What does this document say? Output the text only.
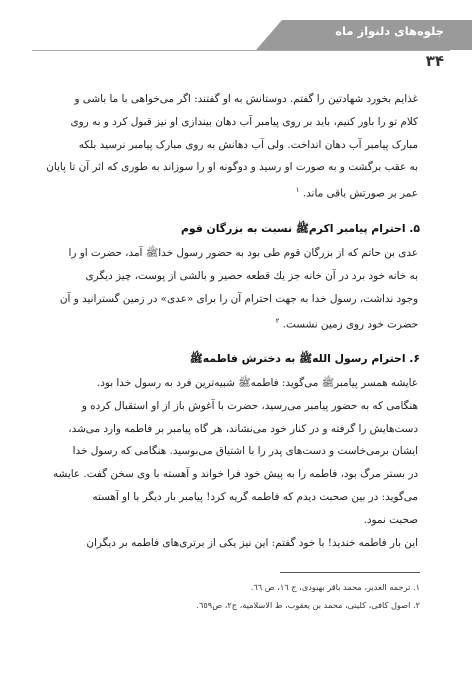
جلوه‌های دلنواز ماه
٣۴

غذایم بخورد شهادتین را گفتم. دوستانش به او گفتند: اگر می‌خواهی با ما باشی و

کلام تو را باور کنیم، باید بر روی پیامبر آب دهان بیندازی او نیز قبول کرد و به روی

مبارک پیامبر آب دهان انداخت. ولی آب دهانش به روی مبارک پیامبر نرسید بلکه

به عقب برگشت و به صورت او رسید و دوگونه او را سوزاند به طوری که اثر آن تا پایان

عمر بر صورتش باقی ماند. $^١$

۵. احترام پیامبر اکرمﷺ نسبت به بزرگان قوم

عدی بن حاتم که از بزرگان قوم طی بود به حضور رسول خداﷺ آمد، حضرت او را

به خانه خود برد در آن خانه جز یك قطعه حصیر و بالشی از پوست، چیز دیگری

وجود نداشت، رسول خدا به جهت احترام آن را برای «عدی» در زمین گسترانید و آن

حضرت خود روی زمین نشست. $^٢$

۶. احترام رسول اللهﷺ به دخترش فاطمهﷺ

عایشه همسر پیامبرﷺ می‌گوید: فاطمهﷺ شبیه‌ترین فرد به رسول خدا بود.

هنگامی که به حضور پیامبر می‌رسید، حضرت با آغوش باز از او استقبال کرده و

دست‌هایش را گرفته و در کنار خود می‌نشاند، هر گاه پیامبر بر فاطمه وارد می‌شد،

ایشان برمی‌خاست و دست‌های پدر را با اشتیاق می‌بوسید. هنگامی که رسول خدا

در بستر مرگ بود، فاطمه را به پیش خود فرا خواند و آهسته با وی سخن گفت. عایشه

می‌گوید: در بین صحبت دیدم که فاطمه گریه کرد! پیامبر بار دیگر با او آهسته

صحبت نمود.

این بار فاطمه خندید! با خود گفتم: این نیز یکی از برتری‌های فاطمه بر دیگران

١. ترجمه الغدیر، محمد باقر بهبودی، ج ١٦، ص ٦٦.
٢. اصول کافی، کلینی، محمد بن یعقوب، ط الاسلامیة، ج٢، ص٦٥٩.
